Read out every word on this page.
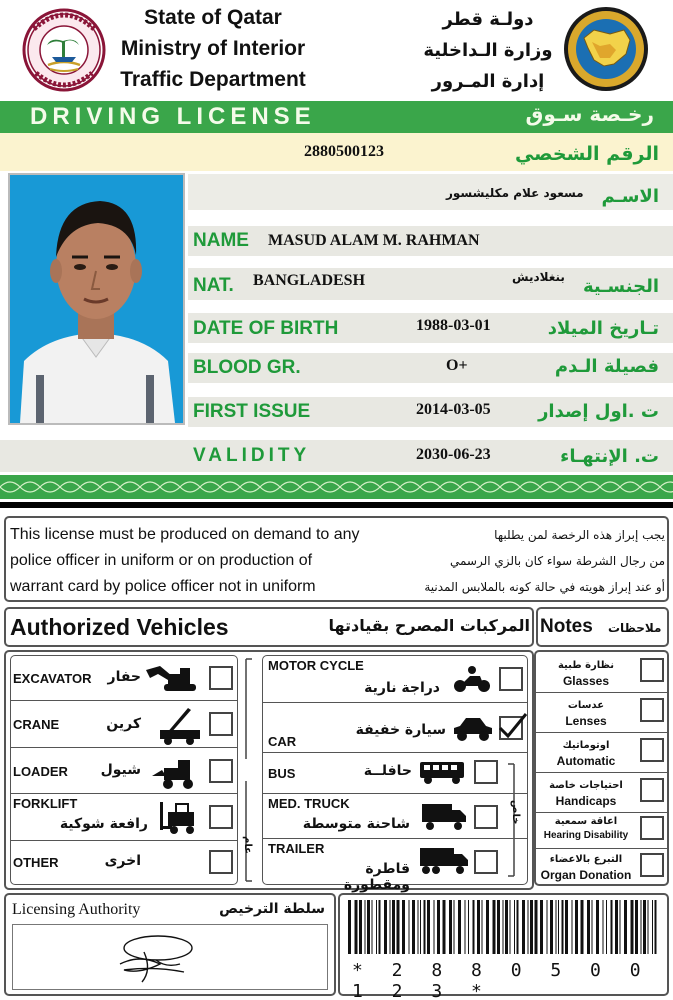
State of Qatar
Ministry of Interior
Traffic Department
دولـة قطر
وزارة الـداخلية
إدارة المـرور
DRIVING LICENSE	رخـصة سـوق
2880500123	الرقم الشخصي
مسعود علام مكليشسور الاسـم
NAME MASUD ALAM M. RAHMAN
NAT. BANGLADESH	بنغلاديش الجنسـية
DATE OF BIRTH	1988-03-01	تـاريخ الميلاد
BLOOD GR.	O+	فصيلة الـدم
FIRST ISSUE	2014-03-05	ت .اول إصدار
VALIDITY	2030-06-23	ت. الإنتهـاء
This license must be produced on demand to any
police officer in uniform or on production of
warrant card by police officer not in uniform
يجب إبراز هذه الرخصة لمن يطلبها
من رجال الشرطة سواء كان بالزي الرسمي
أو عند إبراز هويته في حالة كونه بالملابس المدنية
Authorized Vehicles	المركبات المصرح بقيادتها Notes ملاحظات
EXCAVATOR	حفار
CRANE	كرين
LOADER	شيول
FORKLIFT
رافعة شوكية
OTHER	اخرى
عام
خاص
MOTOR CYCLE
دراجة نارية
CAR
سيارة خفيفة
BUS	حافلــة
MED. TRUCK
شاحنة متوسطة
TRAILER
قاطرة ومقطورة
نظارة طبية
Glasses
عدسات
Lenses
اوتوماتيك
Automatic
احتياجات خاصة
Handicaps
اعاقة سمعية
Hearing Disability
التبرع بالاعضاء
Organ Donation
Licensing Authority	سلطة الترخيص
* 2 8 8 0 5 0 0 1 2 3 *
